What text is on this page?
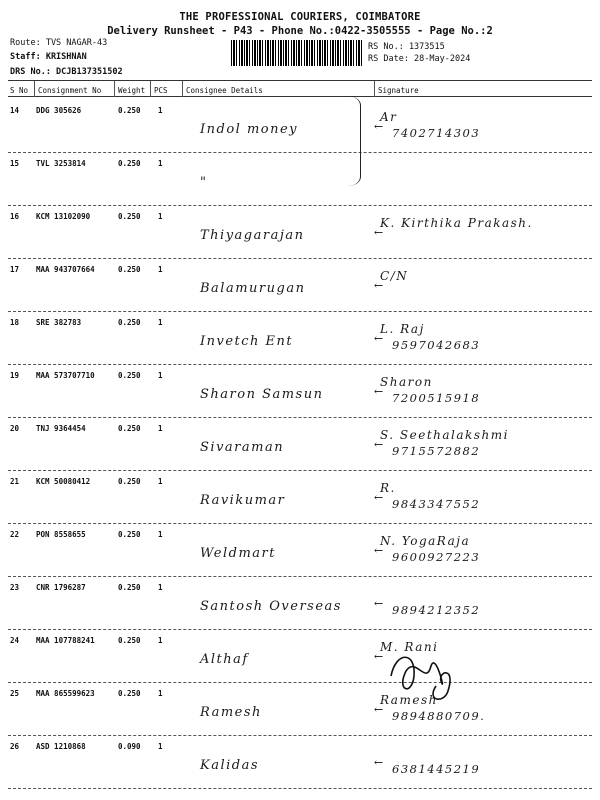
THE PROFESSIONAL COURIERS, COIMBATORE
Delivery Runsheet - P43 - Phone No.:0422-3505555 - Page No.:2
Route: TVS NAGAR-43
Staff: KRISHNAN
DRS No.: DCJB137351502
RS No.: 1373515
RS Date: 28-May-2024
S No Consignment No Weight PCS Consignee Details	Signature
14 DDG 305626	0.250 1
Indol money	←
Ar
7402714303
15 TVL 3253814	0.250 1
"
16 KCM 13102090	0.250 1
Thiyagarajan	←
K. Kirthika Prakash.
17 MAA 943707664	0.250 1
Balamurugan	←
C/N
18 SRE 382783	0.250 1
Invetch Ent	←
L. Raj
9597042683
19 MAA 573707710	0.250 1
Sharon Samsun	←
Sharon
7200515918
20 TNJ 9364454	0.250 1
Sivaraman	←
S. Seethalakshmi
9715572882
21 KCM 50080412	0.250 1
Ravikumar	←
R.
9843347552
22 PON 8558655	0.250 1
Weldmart	←
N. YogaRaja
9600927223
23 CNR 1796287	0.250 1
Santosh Overseas	← 9894212352
24 MAA 107788241	0.250 1
Althaf	←
M. Rani
25 MAA 865599623	0.250 1
Ramesh	←
Ramesh
9894880709.
26 ASD 1210868	0.090 1
Kalidas	← 6381445219
